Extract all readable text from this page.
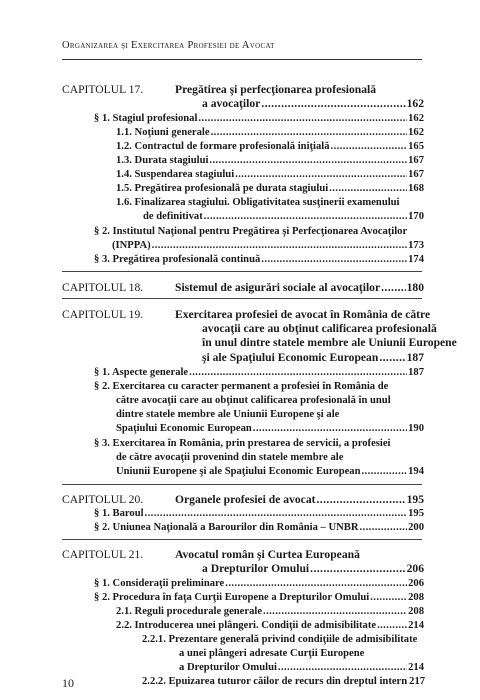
Organizarea şi Exercitarea Profesiei de Avocat
CAPITOLUL 17.	Pregătirea şi perfecţionarea profesională
a avocaţilor .....	162
§ 1. Stagiul profesional .....	162
1.1. Noţiuni generale .....	162
1.2. Contractul de formare profesională iniţială .....	165
1.3. Durata stagiului .....	167
1.4. Suspendarea stagiului .....	167
1.5. Pregătirea profesională pe durata stagiului .....	168
1.6. Finalizarea stagiului. Obligativitatea susţinerii examenului
de definitivat .....	170
§ 2. Institutul Naţional pentru Pregătirea şi Perfecţionarea Avocaţilor
(INPPA) .....	173
§ 3. Pregătirea profesională continuă .....	174
CAPITOLUL 18.	Sistemul de asigurări sociale al avocaţilor ..... 180
CAPITOLUL 19.	Exercitarea profesiei de avocat în România de către
avocaţii care au obţinut calificarea profesională
în unul dintre statele membre ale Uniunii Europene
şi ale Spaţiului Economic European ..... 187
§ 1. Aspecte generale .....	187
§ 2. Exercitarea cu caracter permanent a profesiei în România de
către avocaţii care au obţinut calificarea profesională în unul
dintre statele membre ale Uniunii Europene şi ale
Spaţiului Economic European .....	190
§ 3. Exercitarea în România, prin prestarea de servicii, a profesiei
de către avocaţii provenind din statele membre ale
Uniunii Europene şi ale Spaţiului Economic European .....	194
CAPITOLUL 20.	Organele profesiei de avocat .....	195
§ 1. Baroul .....	195
§ 2. Uniunea Naţională a Barourilor din România – UNBR .....	200
CAPITOLUL 21.	Avocatul român şi Curtea Europeană
a Drepturilor Omului .....	206
§ 1. Consideraţii preliminare .....	206
§ 2. Procedura în faţa Curţii Europene a Drepturilor Omului .....	208
2.1. Reguli procedurale generale .....	208
2.2. Introducerea unei plângeri. Condiţii de admisibilitate .....	214
2.2.1. Prezentare generală privind condiţiile de admisibilitate
a unei plângeri adresate Curţii Europene
a Drepturilor Omului .....	214
2.2.2. Epuizarea tuturor căilor de recurs din dreptul intern 217
10
